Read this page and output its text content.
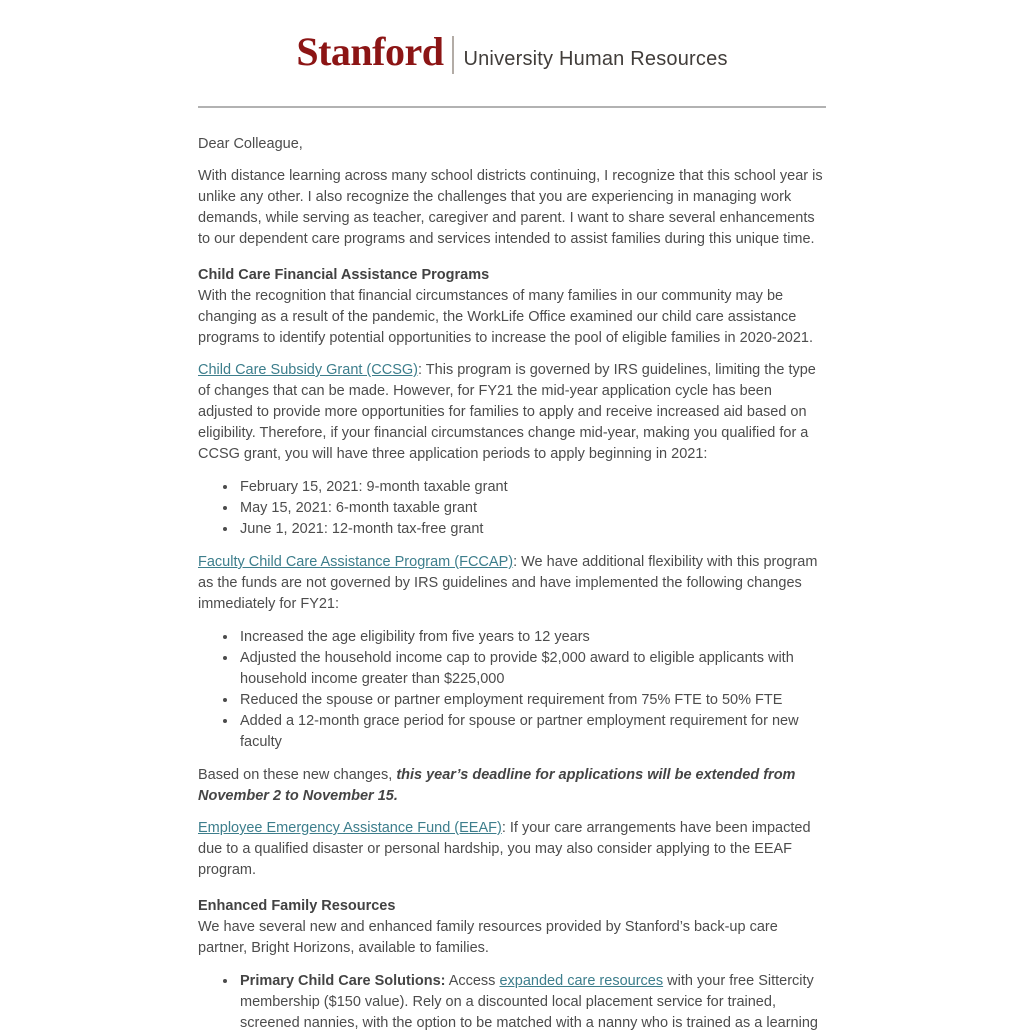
Stanford University Human Resources

Dear Colleague,

With distance learning across many school districts continuing, I recognize that this school year is unlike any other. I also recognize the challenges that you are experiencing in managing work demands, while serving as teacher, caregiver and parent. I want to share several enhancements to our dependent care programs and services intended to assist families during this unique time.

Child Care Financial Assistance Programs

With the recognition that financial circumstances of many families in our community may be changing as a result of the pandemic, the WorkLife Office examined our child care assistance programs to identify potential opportunities to increase the pool of eligible families in 2020-2021.

Child Care Subsidy Grant (CCSG): This program is governed by IRS guidelines, limiting the type of changes that can be made. However, for FY21 the mid-year application cycle has been adjusted to provide more opportunities for families to apply and receive increased aid based on eligibility. Therefore, if your financial circumstances change mid-year, making you qualified for a CCSG grant, you will have three application periods to apply beginning in 2021:

• February 15, 2021: 9-month taxable grant
• May 15, 2021: 6-month taxable grant
• June 1, 2021: 12-month tax-free grant

Faculty Child Care Assistance Program (FCCAP): We have additional flexibility with this program as the funds are not governed by IRS guidelines and have implemented the following changes immediately for FY21:

• Increased the age eligibility from five years to 12 years
• Adjusted the household income cap to provide $2,000 award to eligible applicants with household income greater than $225,000
• Reduced the spouse or partner employment requirement from 75% FTE to 50% FTE
• Added a 12-month grace period for spouse or partner employment requirement for new faculty

Based on these new changes, this year’s deadline for applications will be extended from November 2 to November 15.

Employee Emergency Assistance Fund (EEAF): If your care arrangements have been impacted due to a qualified disaster or personal hardship, you may also consider applying to the EEAF program.

Enhanced Family Resources

We have several new and enhanced family resources provided by Stanford’s back-up care partner, Bright Horizons, available to families.

• Primary Child Care Solutions: Access expanded care resources with your free Sittercity membership ($150 value). Rely on a discounted local placement service for trained, screened nannies, with the option to be matched with a nanny who is trained as a learning
